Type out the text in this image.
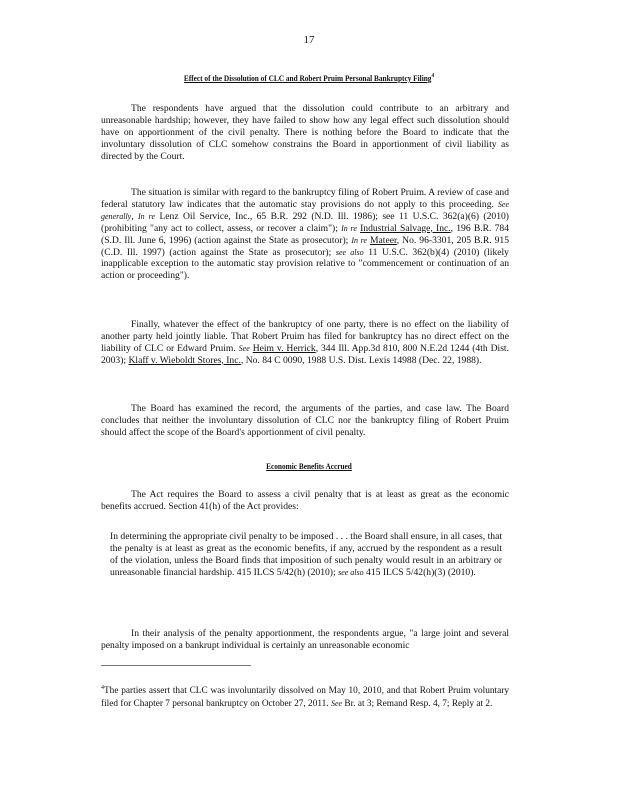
17
Effect of the Dissolution of CLC and Robert Pruim Personal Bankruptcy Filing$^4$

The respondents have argued that the dissolution could contribute to an arbitrary and unreasonable hardship; however, they have failed to show how any legal effect such dissolution should have on apportionment of the civil penalty. There is nothing before the Board to indicate that the involuntary dissolution of CLC somehow constrains the Board in apportionment of civil liability as directed by the Court.

The situation is similar with regard to the bankruptcy filing of Robert Pruim. A review of case and federal statutory law indicates that the automatic stay provisions do not apply to this proceeding. See generally, In re Lenz Oil Service, Inc., 65 B.R. 292 (N.D. Ill. 1986); see 11 U.S.C. 362(a)(6) (2010) (prohibiting "any act to collect, assess, or recover a claim"); In re Industrial Salvage, Inc., 196 B.R. 784 (S.D. Ill. June 6, 1996) (action against the State as prosecutor); In re Mateer, No. 96-3301, 205 B.R. 915 (C.D. Ill. 1997) (action against the State as prosecutor); see also 11 U.S.C. 362(b)(4) (2010) (likely inapplicable exception to the automatic stay provision relative to "commencement or continuation of an action or proceeding").

Finally, whatever the effect of the bankruptcy of one party, there is no effect on the liability of another party held jointly liable. That Robert Pruim has filed for bankruptcy has no direct effect on the liability of CLC or Edward Pruim. See Heim v. Herrick, 344 Ill. App.3d 810, 800 N.E.2d 1244 (4th Dist. 2003); Klaff v. Wieboldt Stores, Inc., No. 84 C 0090, 1988 U.S. Dist. Lexis 14988 (Dec. 22, 1988).

The Board has examined the record, the arguments of the parties, and case law. The Board concludes that neither the involuntary dissolution of CLC nor the bankruptcy filing of Robert Pruim should affect the scope of the Board's apportionment of civil penalty.

Economic Benefits Accrued

The Act requires the Board to assess a civil penalty that is at least as great as the economic benefits accrued. Section 41(h) of the Act provides:

In determining the appropriate civil penalty to be imposed . . . the Board shall ensure, in all cases, that the penalty is at least as great as the economic benefits, if any, accrued by the respondent as a result of the violation, unless the Board finds that imposition of such penalty would result in an arbitrary or unreasonable financial hardship. 415 ILCS 5/42(h) (2010); see also 415 ILCS 5/42(h)(3) (2010).

In their analysis of the penalty apportionment, the respondents argue, "a large joint and several penalty imposed on a bankrupt individual is certainly an unreasonable economic

$^4$The parties assert that CLC was involuntarily dissolved on May 10, 2010, and that Robert Pruim voluntary filed for Chapter 7 personal bankruptcy on October 27, 2011. See Br. at 3; Remand Resp. 4, 7; Reply at 2.
